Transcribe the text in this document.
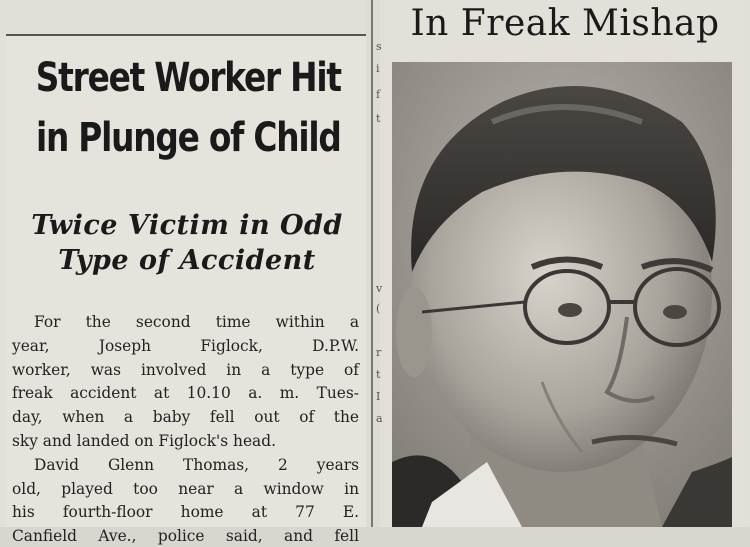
Street Worker Hit
in Plunge of Child
Twice Victim in Odd
Type of Accident

For the second time within a

year, Joseph Figlock, D.P.W.

worker, was involved in a type of

freak accident at 10.10 a. m. Tues-

day, when a baby fell out of the

sky and landed on Figlock's head.

David Glenn Thomas, 2 years

old, played too near a window in

his fourth-floor home at 77 E.

Canfield Ave., police said, and fell

s
i
f
t
v
(
r
t
I
a
In Freak Mishap
